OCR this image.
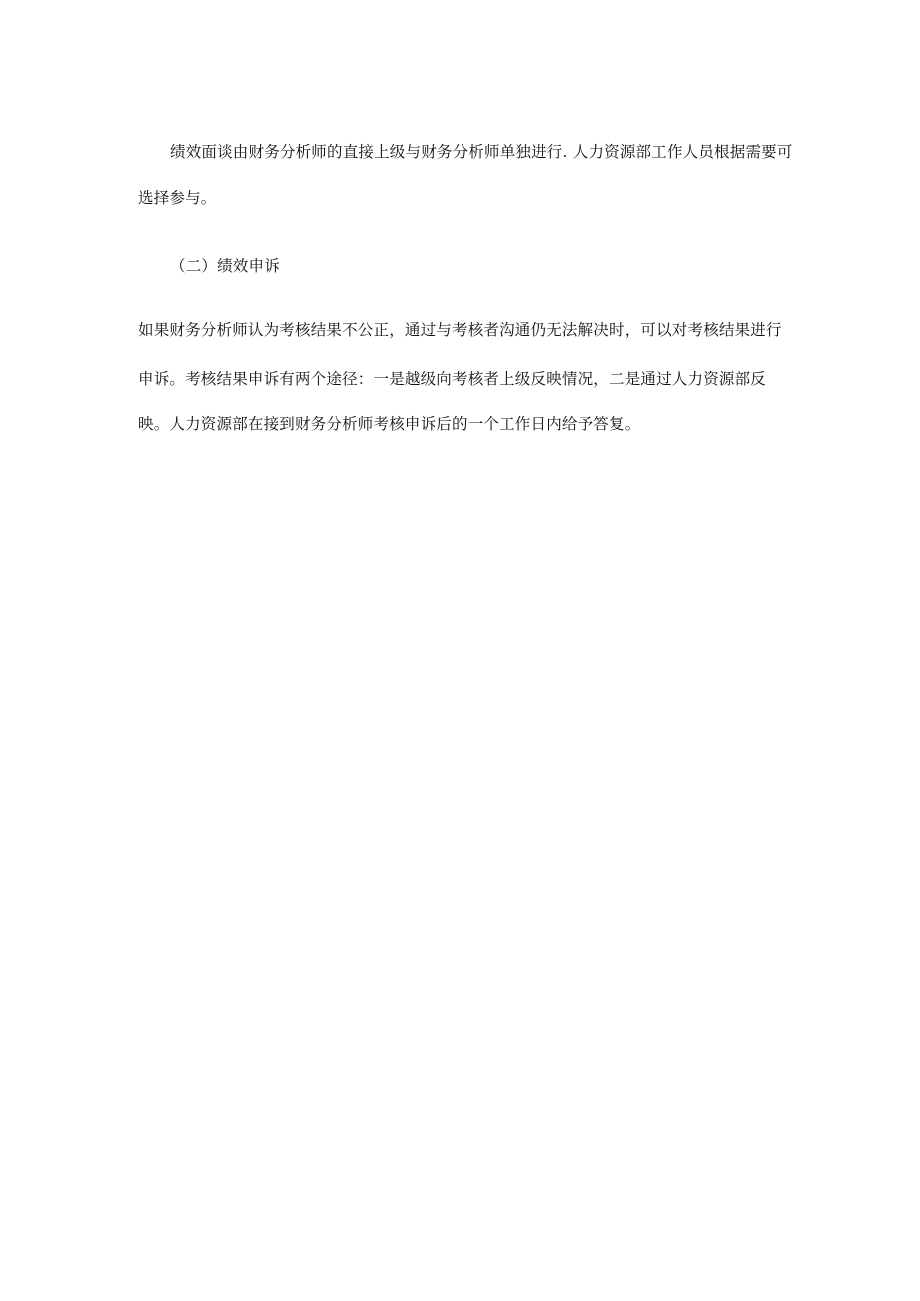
绩效面谈由财务分析师的直接上级与财务分析师单独进行. 人力资源部工作人员根据需要可
选择参与。
（二）绩效申诉
如果财务分析师认为考核结果不公正，通过与考核者沟通仍无法解决时，可以对考核结果进行
申诉。考核结果申诉有两个途径：一是越级向考核者上级反映情况，二是通过人力资源部反
映。人力资源部在接到财务分析师考核申诉后的一个工作日内给予答复。
